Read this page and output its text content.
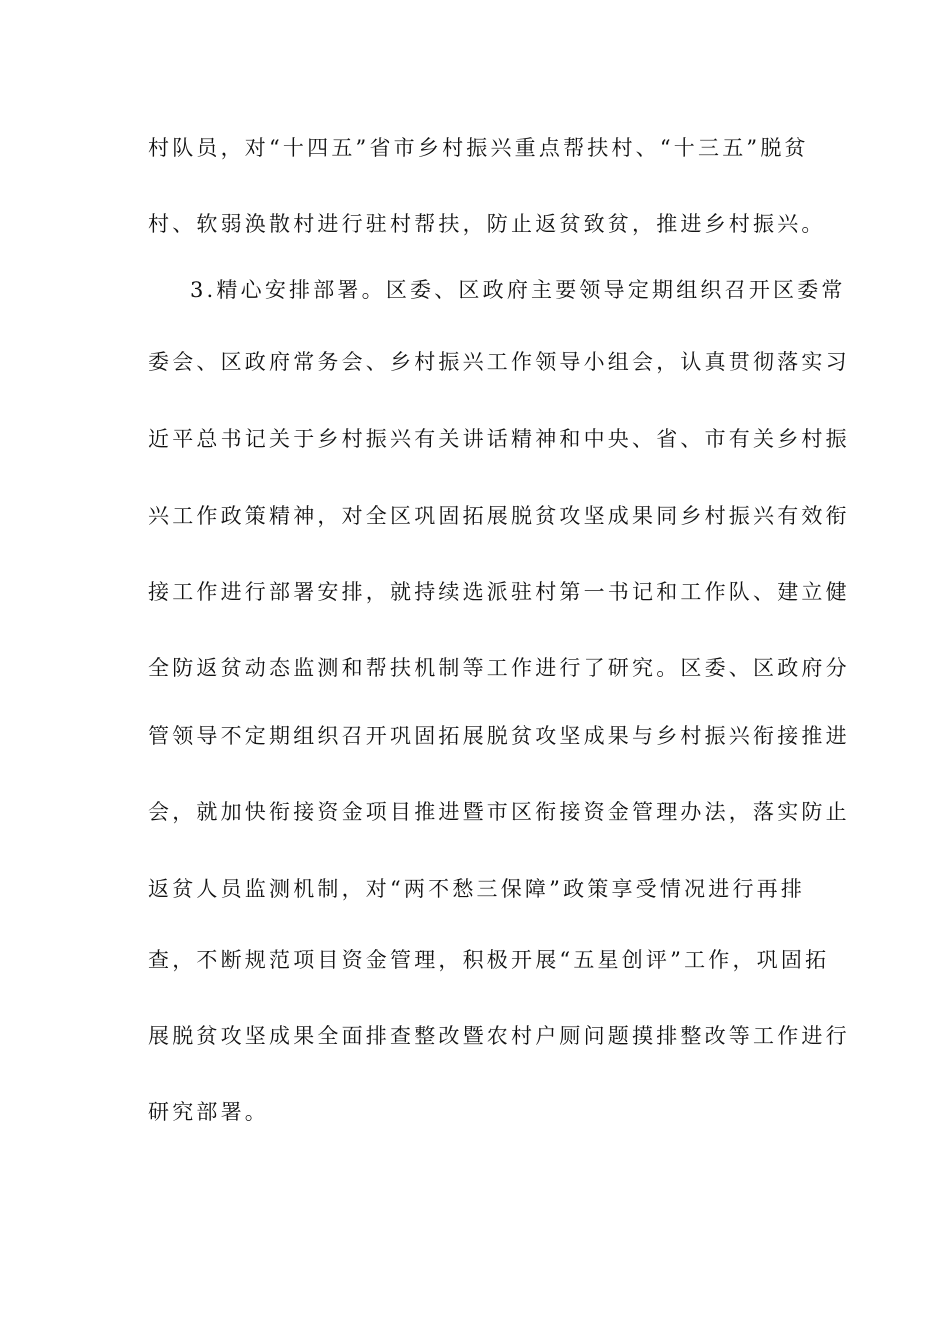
村队员，对“十四五”省市乡村振兴重点帮扶村、“十三五”脱贫
村、软弱涣散村进行驻村帮扶，防止返贫致贫，推进乡村振兴。
3.精心安排部署。区委、区政府主要领导定期组织召开区委常
委会、区政府常务会、乡村振兴工作领导小组会，认真贯彻落实习
近平总书记关于乡村振兴有关讲话精神和中央、省、市有关乡村振
兴工作政策精神，对全区巩固拓展脱贫攻坚成果同乡村振兴有效衔
接工作进行部署安排，就持续选派驻村第一书记和工作队、建立健
全防返贫动态监测和帮扶机制等工作进行了研究。区委、区政府分
管领导不定期组织召开巩固拓展脱贫攻坚成果与乡村振兴衔接推进
会，就加快衔接资金项目推进暨市区衔接资金管理办法，落实防止
返贫人员监测机制，对“两不愁三保障”政策享受情况进行再排
查，不断规范项目资金管理，积极开展“五星创评”工作，巩固拓
展脱贫攻坚成果全面排查整改暨农村户厕问题摸排整改等工作进行
研究部署。
